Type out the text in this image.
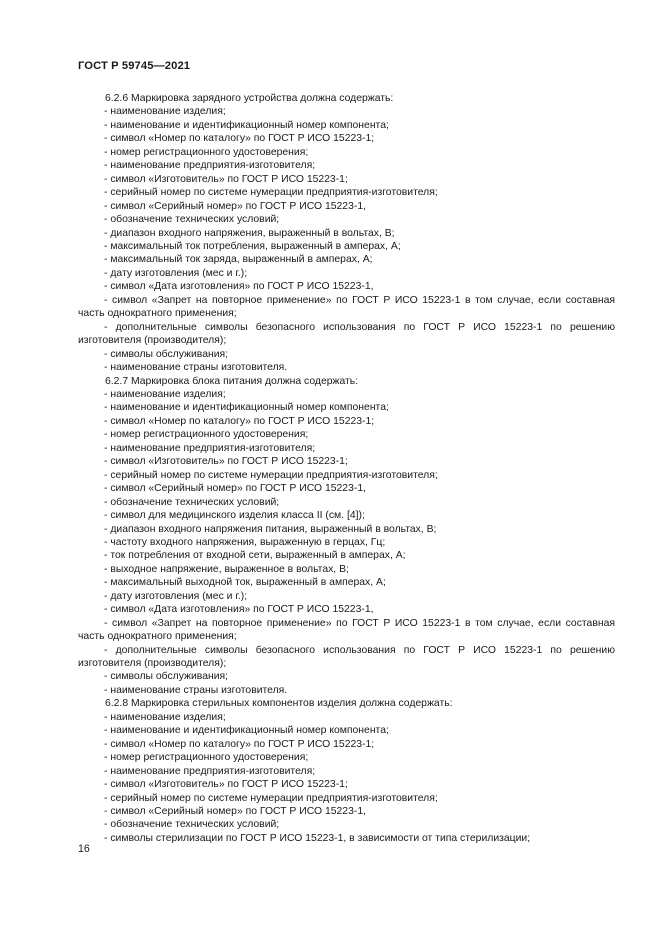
ГОСТ Р 59745—2021

6.2.6 Маркировка зарядного устройства должна содержать:

- наименование изделия;

- наименование и идентификационный номер компонента;

- символ «Номер по каталогу» по ГОСТ Р ИСО 15223-1;

- номер регистрационного удостоверения;

- наименование предприятия-изготовителя;

- символ «Изготовитель» по ГОСТ Р ИСО 15223-1;

- серийный номер по системе нумерации предприятия-изготовителя;

- символ «Серийный номер» по ГОСТ Р ИСО 15223-1,

- обозначение технических условий;

- диапазон входного напряжения, выраженный в вольтах, В;

- максимальный ток потребления, выраженный в амперах, А;

- максимальный ток заряда, выраженный в амперах, А;

- дату изготовления (мес и г.);

- символ «Дата изготовления» по ГОСТ Р ИСО 15223-1,

- символ «Запрет на повторное применение» по ГОСТ Р ИСО 15223-1 в том случае, если составная часть однократного применения;

- дополнительные символы безопасного использования по ГОСТ Р ИСО 15223-1 по решению изготовителя (производителя);

- символы обслуживания;

- наименование страны изготовителя.

6.2.7 Маркировка блока питания должна содержать:

- наименование изделия;

- наименование и идентификационный номер компонента;

- символ «Номер по каталогу» по ГОСТ Р ИСО 15223-1;

- номер регистрационного удостоверения;

- наименование предприятия-изготовителя;

- символ «Изготовитель» по ГОСТ Р ИСО 15223-1;

- серийный номер по системе нумерации предприятия-изготовителя;

- символ «Серийный номер» по ГОСТ Р ИСО 15223-1,

- обозначение технических условий;

- символ для медицинского изделия класса II (см. [4]);

- диапазон входного напряжения питания, выраженный в вольтах, В;

- частоту входного напряжения, выраженную в герцах, Гц;

- ток потребления от входной сети, выраженный в амперах, А;

- выходное напряжение, выраженное в вольтах, В;

- максимальный выходной ток, выраженный в амперах, А;

- дату изготовления (мес и г.);

- символ «Дата изготовления» по ГОСТ Р ИСО 15223-1,

- символ «Запрет на повторное применение» по ГОСТ Р ИСО 15223-1 в том случае, если составная часть однократного применения;

- дополнительные символы безопасного использования по ГОСТ Р ИСО 15223-1 по решению изготовителя (производителя);

- символы обслуживания;

- наименование страны изготовителя.

6.2.8 Маркировка стерильных компонентов изделия должна содержать:

- наименование изделия;

- наименование и идентификационный номер компонента;

- символ «Номер по каталогу» по ГОСТ Р ИСО 15223-1;

- номер регистрационного удостоверения;

- наименование предприятия-изготовителя;

- символ «Изготовитель» по ГОСТ Р ИСО 15223-1;

- серийный номер по системе нумерации предприятия-изготовителя;

- символ «Серийный номер» по ГОСТ Р ИСО 15223-1,

- обозначение технических условий;

- символы стерилизации по ГОСТ Р ИСО 15223-1, в зависимости от типа стерилизации;

16
